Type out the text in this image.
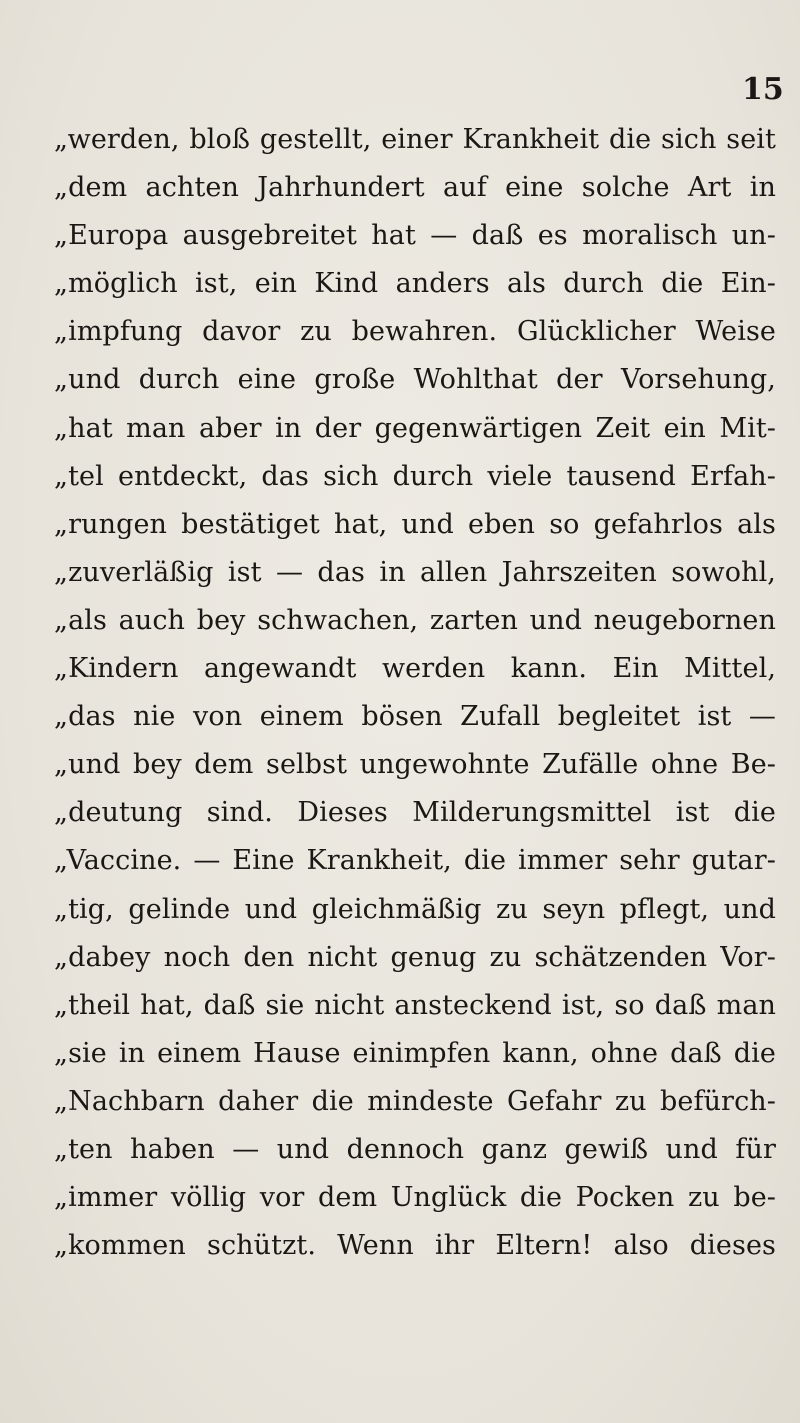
15
„werden, bloß gestellt, einer Krankheit die sich seit
„dem achten Jahrhundert auf eine solche Art in
„Europa ausgebreitet hat — daß es moralisch un-
„möglich ist, ein Kind anders als durch die Ein-
„impfung davor zu bewahren. Glücklicher Weise
„und durch eine große Wohlthat der Vorsehung,
„hat man aber in der gegenwärtigen Zeit ein Mit-
„tel entdeckt, das sich durch viele tausend Erfah-
„rungen bestätiget hat, und eben so gefahrlos als
„zuverläßig ist — das in allen Jahrszeiten sowohl,
„als auch bey schwachen, zarten und neugebornen
„Kindern angewandt werden kann. Ein Mittel,
„das nie von einem bösen Zufall begleitet ist —
„und bey dem selbst ungewohnte Zufälle ohne Be-
„deutung sind. Dieses Milderungsmittel ist die
„Vaccine. — Eine Krankheit, die immer sehr gutar-
„tig, gelinde und gleichmäßig zu seyn pflegt, und
„dabey noch den nicht genug zu schätzenden Vor-
„theil hat, daß sie nicht ansteckend ist, so daß man
„sie in einem Hause einimpfen kann, ohne daß die
„Nachbarn daher die mindeste Gefahr zu befürch-
„ten haben — und dennoch ganz gewiß und für
„immer völlig vor dem Unglück die Pocken zu be-
„kommen schützt. Wenn ihr Eltern! also dieses
